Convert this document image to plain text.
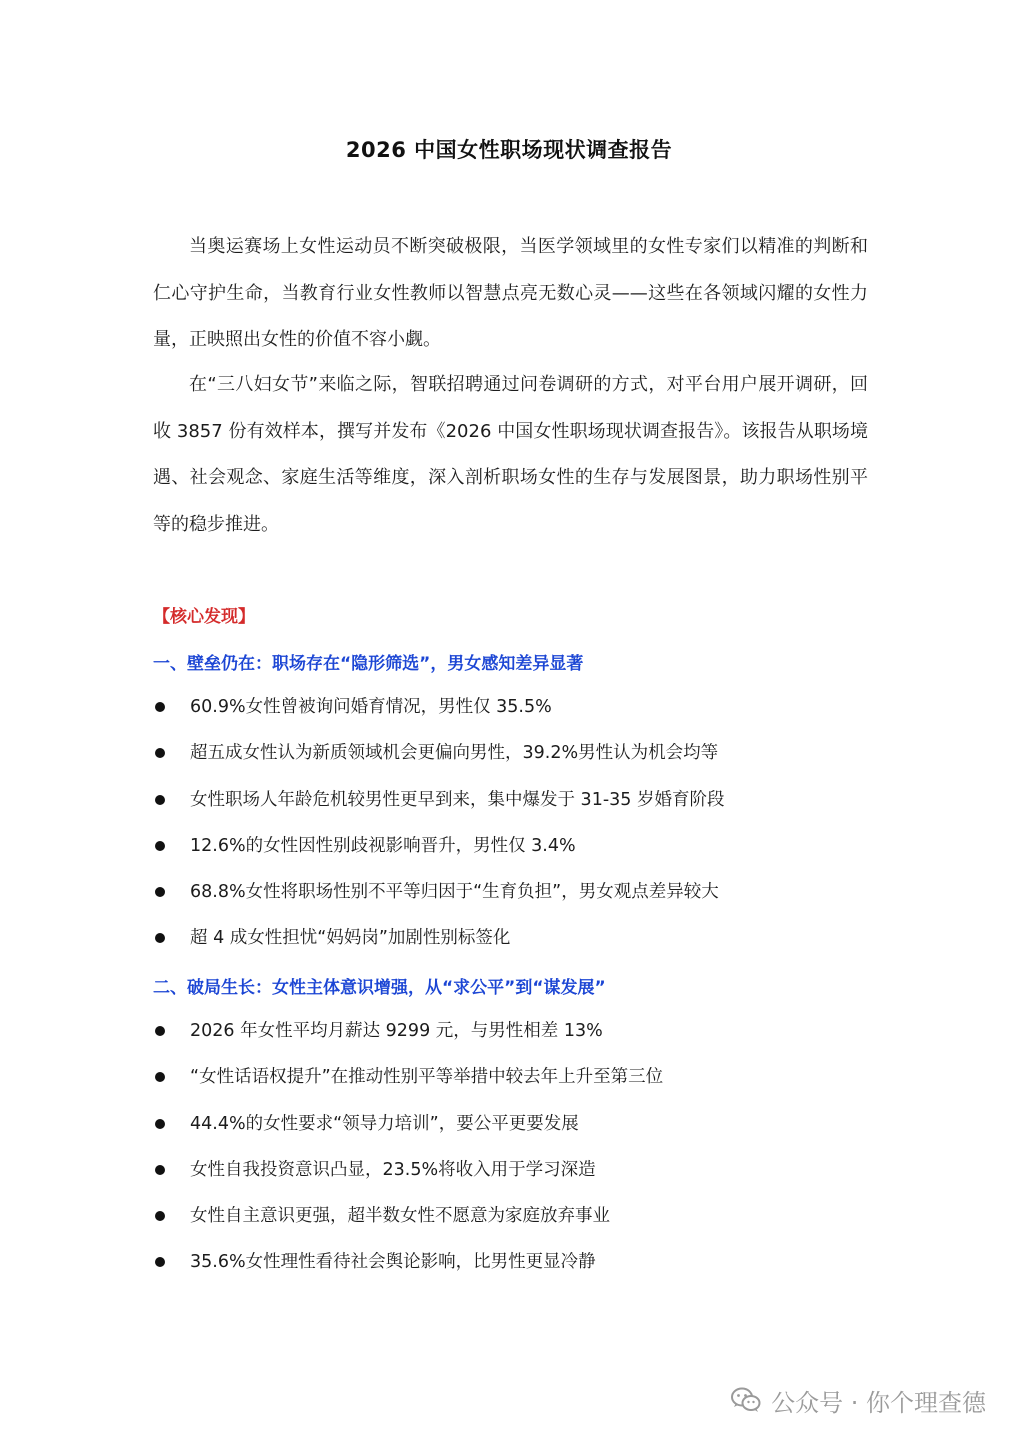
2026 中国女性职场现状调查报告

当奥运赛场上女性运动员不断突破极限，当医学领域里的女性专家们以精准的判断和仁心守护生命，当教育行业女性教师以智慧点亮无数心灵——这些在各领域闪耀的女性力量，正映照出女性的价值不容小觑。

在“三八妇女节”来临之际，智联招聘通过问卷调研的方式，对平台用户展开调研，回收 3857 份有效样本，撰写并发布《2026 中国女性职场现状调查报告》。该报告从职场境遇、社会观念、家庭生活等维度，深入剖析职场女性的生存与发展图景，助力职场性别平等的稳步推进。

【核心发现】
一、壁垒仍在：职场存在“隐形筛选”，男女感知差异显著
60.9%女性曾被询问婚育情况，男性仅 35.5%
超五成女性认为新质领域机会更偏向男性，39.2%男性认为机会均等
女性职场人年龄危机较男性更早到来，集中爆发于 31-35 岁婚育阶段
12.6%的女性因性别歧视影响晋升，男性仅 3.4%
68.8%女性将职场性别不平等归因于“生育负担”，男女观点差异较大
超 4 成女性担忧“妈妈岗”加剧性别标签化
二、破局生长：女性主体意识增强，从“求公平”到“谋发展”
2026 年女性平均月薪达 9299 元，与男性相差 13%
“女性话语权提升”在推动性别平等举措中较去年上升至第三位
44.4%的女性要求“领导力培训”，要公平更要发展
女性自我投资意识凸显，23.5%将收入用于学习深造
女性自主意识更强，超半数女性不愿意为家庭放弃事业
35.6%女性理性看待社会舆论影响，比男性更显冷静
公众号 · 你个理查德
